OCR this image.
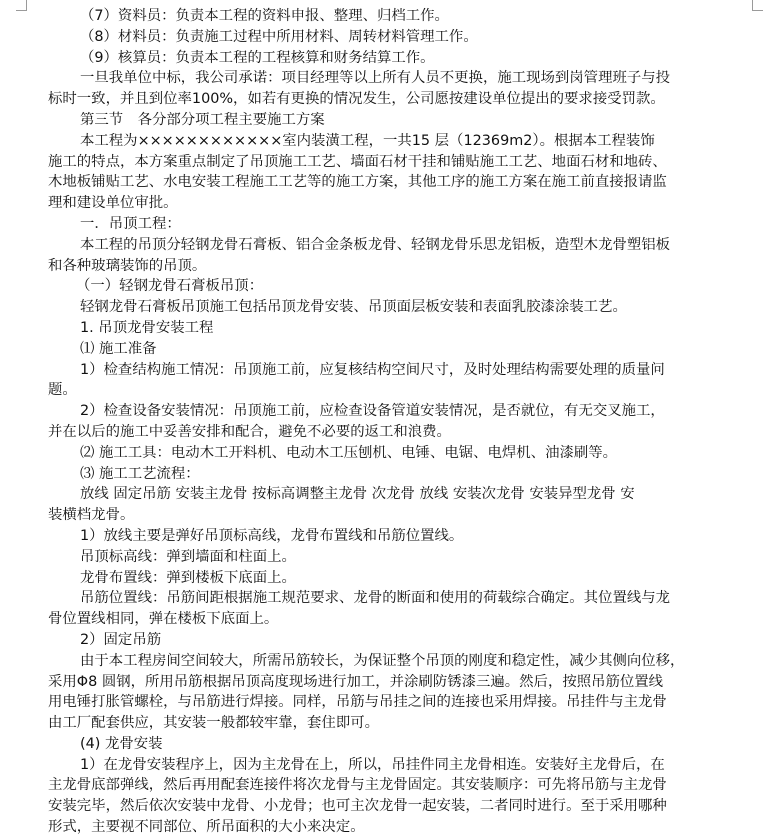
（7）资料员：负责本工程的资料申报、整理、归档工作。
（8）材料员：负责施工过程中所用材料、周转材料管理工作。
（9）核算员：负责本工程的工程核算和财务结算工作。
一旦我单位中标，我公司承诺：项目经理等以上所有人员不更换，施工现场到岗管理班子与投
标时一致，并且到位率100%，如若有更换的情况发生，公司愿按建设单位提出的要求接受罚款。
第三节　各分部分项工程主要施工方案
本工程为××××××××××××室内装潢工程，一共15 层（12369m2）。根据本工程装饰
施工的特点，本方案重点制定了吊顶施工工艺、墙面石材干挂和铺贴施工工艺、地面石材和地砖、
木地板铺贴工艺、水电安装工程施工工艺等的施工方案，其他工序的施工方案在施工前直接报请监
理和建设单位审批。
一．吊顶工程：
本工程的吊顶分轻钢龙骨石膏板、铝合金条板龙骨、轻钢龙骨乐思龙铝板，造型木龙骨塑铝板
和各种玻璃装饰的吊顶。
（一）轻钢龙骨石膏板吊顶：
轻钢龙骨石膏板吊顶施工包括吊顶龙骨安装、吊顶面层板安装和表面乳胶漆涂装工艺。
1. 吊顶龙骨安装工程
⑴ 施工准备
1）检查结构施工情况：吊顶施工前，应复核结构空间尺寸，及时处理结构需要处理的质量问
题。
2）检查设备安装情况：吊顶施工前，应检查设备管道安装情况，是否就位，有无交叉施工，
并在以后的施工中妥善安排和配合，避免不必要的返工和浪费。
⑵ 施工工具：电动木工开料机、电动木工压刨机、电锤、电锯、电焊机、油漆刷等。
⑶ 施工工艺流程：
放线 固定吊筋 安装主龙骨 按标高调整主龙骨 次龙骨 放线 安装次龙骨 安装异型龙骨 安
装横档龙骨。
1）放线主要是弹好吊顶标高线，龙骨布置线和吊筋位置线。
吊顶标高线：弹到墙面和柱面上。
龙骨布置线：弹到楼板下底面上。
吊筋位置线：吊筋间距根据施工规范要求、龙骨的断面和使用的荷载综合确定。其位置线与龙
骨位置线相同，弹在楼板下底面上。
2）固定吊筋
由于本工程房间空间较大，所需吊筋较长，为保证整个吊顶的刚度和稳定性，减少其侧向位移，
采用Φ8 圆钢，所用吊筋根据吊顶高度现场进行加工，并涂刷防锈漆三遍。然后，按照吊筋位置线
用电锤打胀管螺栓，与吊筋进行焊接。同样，吊筋与吊挂之间的连接也采用焊接。吊挂件与主龙骨
由工厂配套供应，其安装一般都较牢靠，套住即可。
(4) 龙骨安装
1）在龙骨安装程序上，因为主龙骨在上，所以，吊挂件同主龙骨相连。安装好主龙骨后，在
主龙骨底部弹线，然后再用配套连接件将次龙骨与主龙骨固定。其安装顺序：可先将吊筋与主龙骨
安装完毕，然后依次安装中龙骨、小龙骨；也可主次龙骨一起安装，二者同时进行。至于采用哪种
形式，主要视不同部位、所吊面积的大小来决定。
